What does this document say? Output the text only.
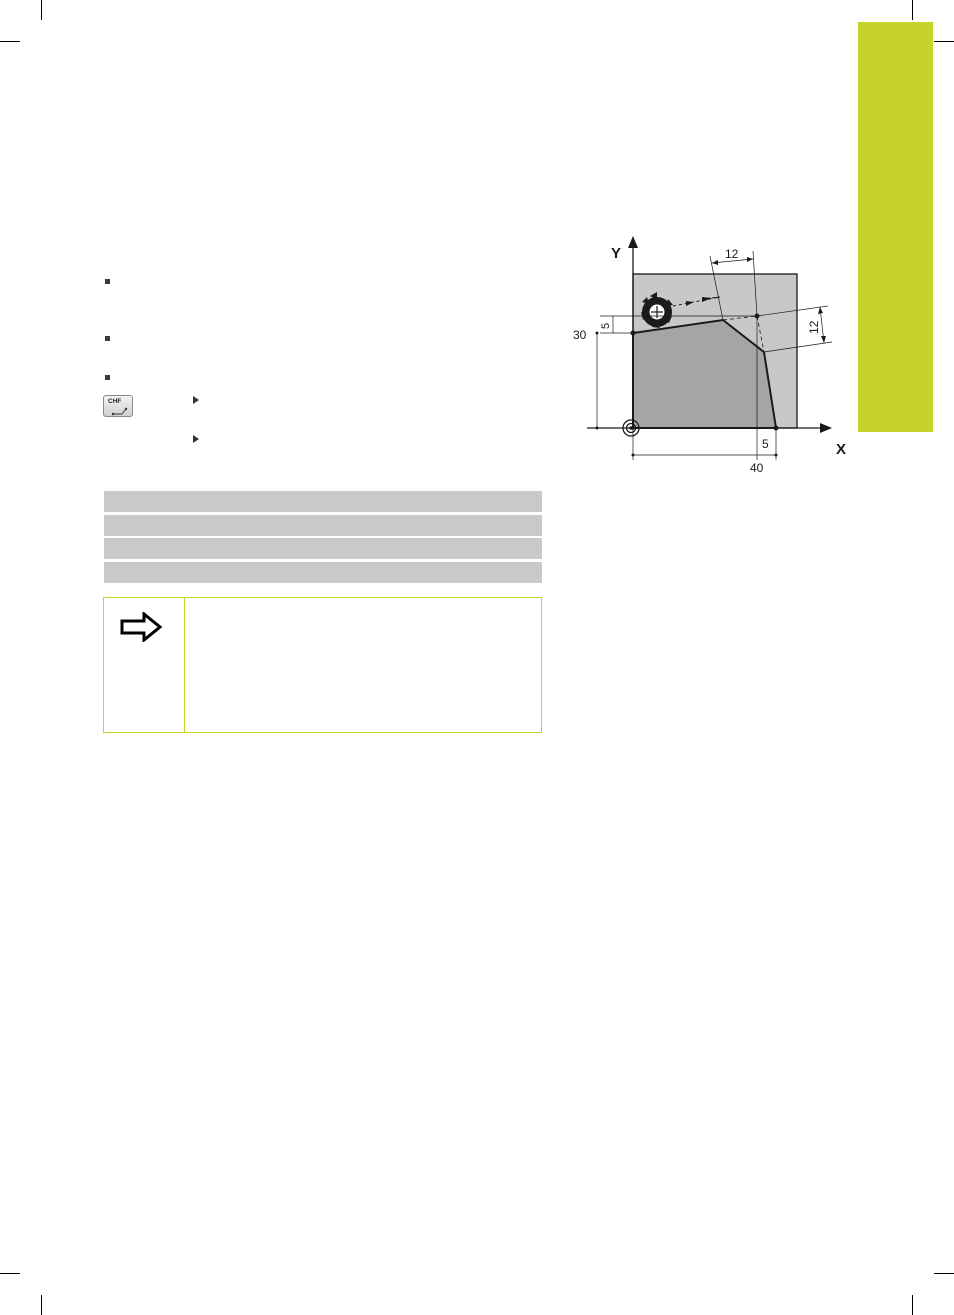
CHF
Y
X
12
12
5
30
5
40
